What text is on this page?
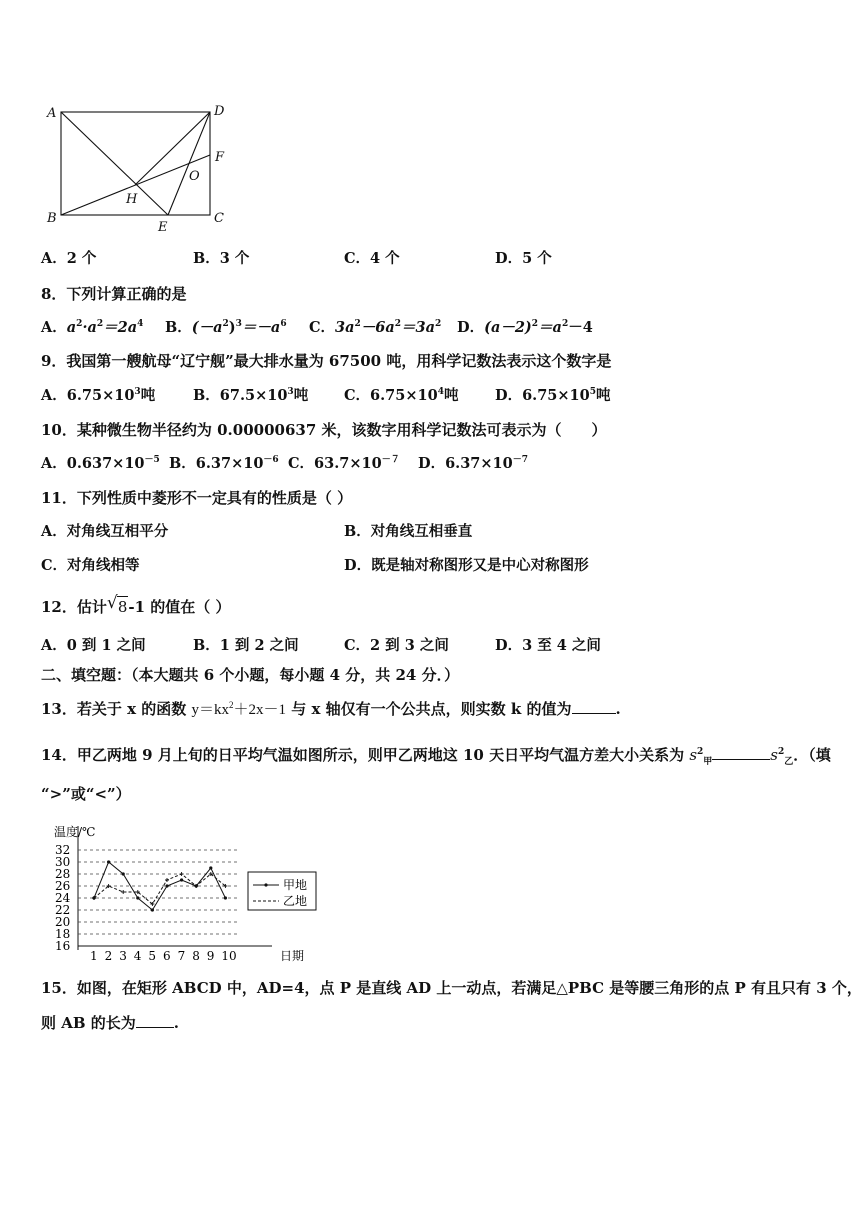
A	D
F
O
B
H
E
C
A．2 个	B．3 个	C．4 个	D．5 个
8．下列计算正确的是
A．$a^2\cdot a^2=2a^4$ B．$(-a^2)^3=-a^6$ C．$3a^2-6a^2=3a^2$ D．$(a-2)^2=a^2-4$
9．我国第一艘航母“辽宁舰”最大排水量为 67500 吨，用科学记数法表示这个数字是
A．$6.75\times 10^3$吨	B．$67.5\times 10^3$吨 C．$6.75\times 10^4$吨	D．$6.75\times 10^5$吨
10．某种微生物半径约为 0.00000637 米，该数字用科学记数法可表示为（　　）
A．$0.637\times 10^{-5}$ B．$6.37\times 10^{-6}$ C．$63.7\times 10^{-7}$ D．$6.37\times 10^{-7}$
11．下列性质中菱形不一定具有的性质是（ ）
A．对角线互相平分	B．对角线互相垂直
C．对角线相等	D．既是轴对称图形又是中心对称图形
12．估计 √ 8-1 的值在（ ）
A．0 到 1 之间	B．1 到 2 之间	C．2 到 3 之间	D．3 至 4 之间
二、填空题：（本大题共 6 个小题，每小题 4 分，共 24 分．）
13．若关于 x 的函数 $y=kx^2+2x-1$ 与 x 轴仅有一个公共点，则实数 k 的值为	.
14．甲乙两地 9 月上旬的日平均气温如图所示，则甲乙两地这 10 天日平均气温方差大小关系为 $s^2_甲$	$s^2_乙$．（填
“>”或“<”）
温度/℃
32
30
28
26
24
22
20
18
16
1 2 3 4 5 6 7 8 9 10	日期
甲地
乙地
15．如图，在矩形 ABCD 中，AD=4，点 P 是直线 AD 上一动点，若满足△PBC 是等腰三角形的点 P 有且只有 3 个，
则 AB 的长为	.
